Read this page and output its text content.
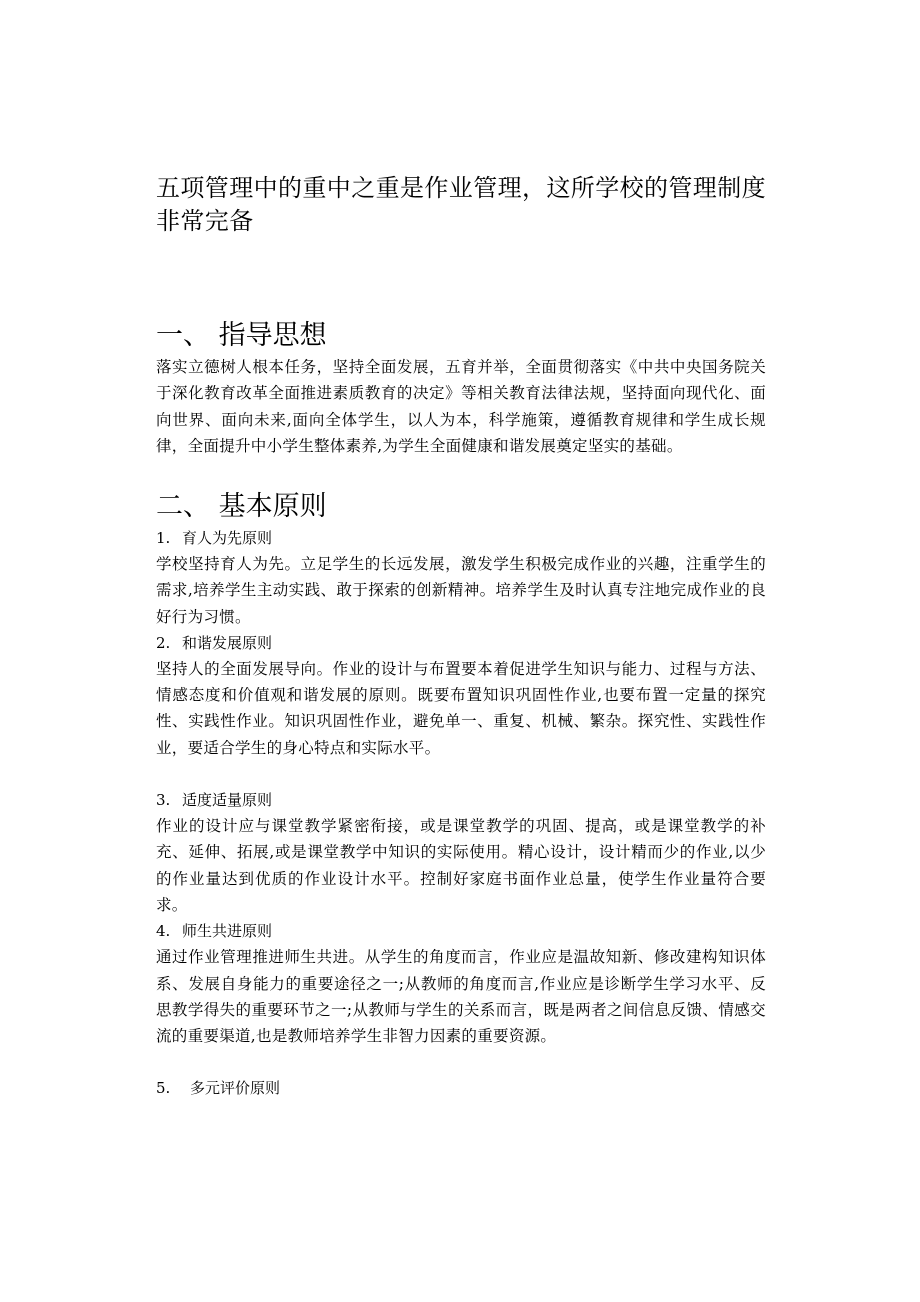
五项管理中的重中之重是作业管理，这所学校的管理制度非常完备
一、 指导思想

落实立德树人根本任务，坚持全面发展，五育并举，全面贯彻落实《中共中央国务院关于深化教育改革全面推进素质教育的决定》等相关教育法律法规，坚持面向现代化、面向世界、面向未来,面向全体学生，以人为本，科学施策，遵循教育规律和学生成长规律，全面提升中小学生整体素养,为学生全面健康和谐发展奠定坚实的基础。

二、 基本原则

1. 育人为先原则

学校坚持育人为先。立足学生的长远发展，激发学生积极完成作业的兴趣，注重学生的需求,培养学生主动实践、敢于探索的创新精神。培养学生及时认真专注地完成作业的良好行为习惯。

2. 和谐发展原则

坚持人的全面发展导向。作业的设计与布置要本着促进学生知识与能力、过程与方法、情感态度和价值观和谐发展的原则。既要布置知识巩固性作业,也要布置一定量的探究性、实践性作业。知识巩固性作业，避免单一、重复、机械、繁杂。探究性、实践性作业，要适合学生的身心特点和实际水平。

3. 适度适量原则

作业的设计应与课堂教学紧密衔接，或是课堂教学的巩固、提高，或是课堂教学的补充、延伸、拓展,或是课堂教学中知识的实际使用。精心设计，设计精而少的作业,以少的作业量达到优质的作业设计水平。控制好家庭书面作业总量，使学生作业量符合要求。

4. 师生共进原则

通过作业管理推进师生共进。从学生的角度而言，作业应是温故知新、修改建构知识体系、发展自身能力的重要途径之一;从教师的角度而言,作业应是诊断学生学习水平、反思教学得失的重要环节之一;从教师与学生的关系而言，既是两者之间信息反馈、情感交流的重要渠道,也是教师培养学生非智力因素的重要资源。

5. 多元评价原则
